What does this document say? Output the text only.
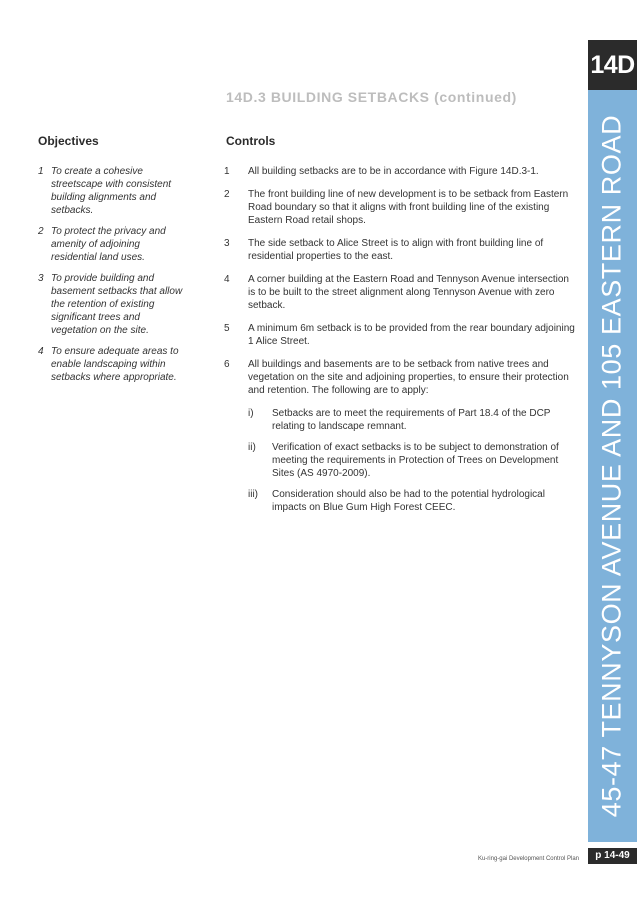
14D
45-47 TENNYSON AVENUE AND 105 EASTERN ROAD
p 14-49
Ku-ring-gai Development Control Plan
14D.3 BUILDING SETBACKS (continued)
Objectives
1 To create a cohesive streetscape with consistent building alignments and setbacks.
2 To protect the privacy and amenity of adjoining residential land uses.
3 To provide building and basement setbacks that allow the retention of existing significant trees and vegetation on the site.
4 To ensure adequate areas to enable landscaping within setbacks where appropriate.
Controls
1	All building setbacks are to be in accordance with Figure 14D.3-1.
2	The front building line of new development is to be setback from Eastern Road boundary so that it aligns with front building line of the existing Eastern Road retail shops.
3	The side setback to Alice Street is to align with front building line of residential properties to the east.
4	A corner building at the Eastern Road and Tennyson Avenue intersection is to be built to the street alignment along Tennyson Avenue with zero setback.
5	A minimum 6m setback is to be provided from the rear boundary adjoining 1 Alice Street.
6	All buildings and basements are to be setback from native trees and vegetation on the site and adjoining properties, to ensure their protection and retention. The following are to apply:
i)	Setbacks are to meet the requirements of Part 18.4 of the DCP relating to landscape remnant.
ii)	Verification of exact setbacks is to be subject to demonstration of meeting the requirements in Protection of Trees on Development Sites (AS 4970-2009).
iii)	Consideration should also be had to the potential hydrological impacts on Blue Gum High Forest CEEC.
